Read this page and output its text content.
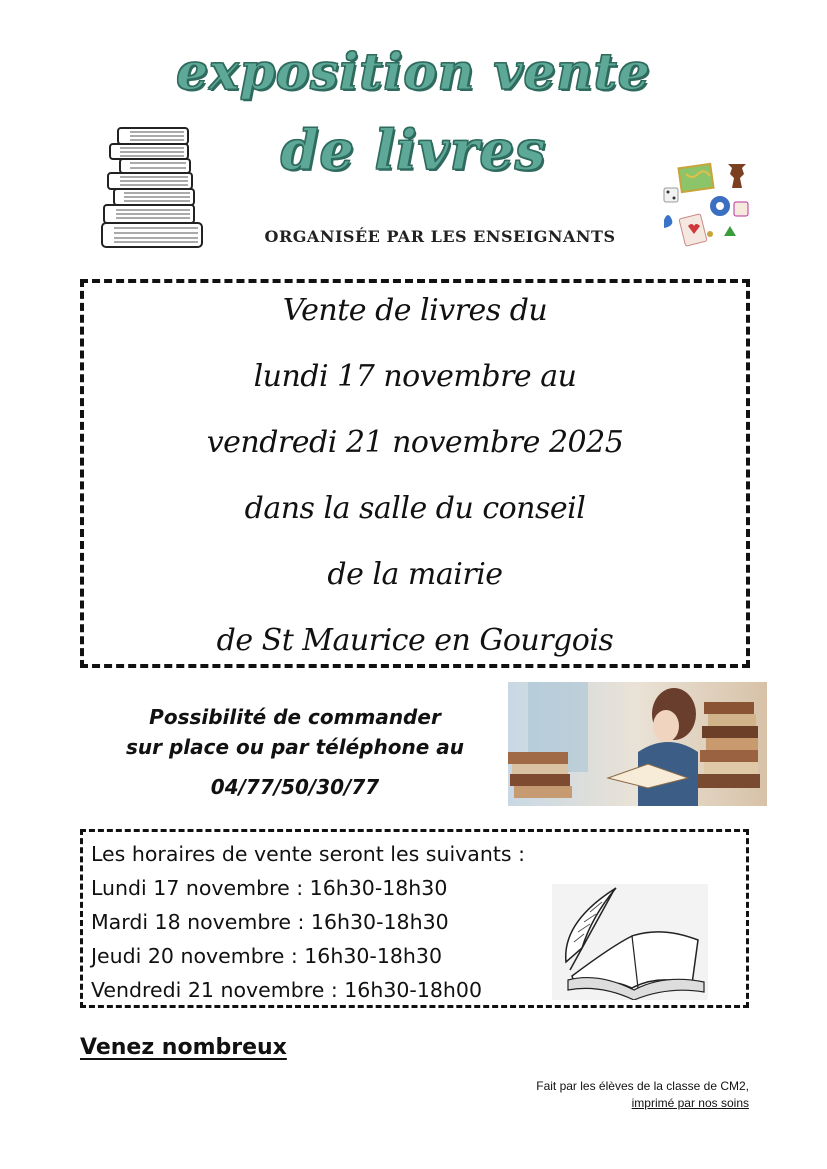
exposition vente
de livres
ORGANISÉE PAR LES ENSEIGNANTS
Vente de livres du
lundi 17 novembre au
vendredi 21 novembre 2025
dans la salle du conseil
de la mairie
de St Maurice en Gourgois
Possibilité de commander
sur place ou par téléphone au
04/77/50/30/77
Les horaires de vente seront les suivants :
Lundi 17 novembre : 16h30-18h30
Mardi 18 novembre : 16h30-18h30
Jeudi 20 novembre : 16h30-18h30
Vendredi 21 novembre : 16h30-18h00
Venez nombreux
Fait par les élèves de la classe de CM2,
imprimé par nos soins
